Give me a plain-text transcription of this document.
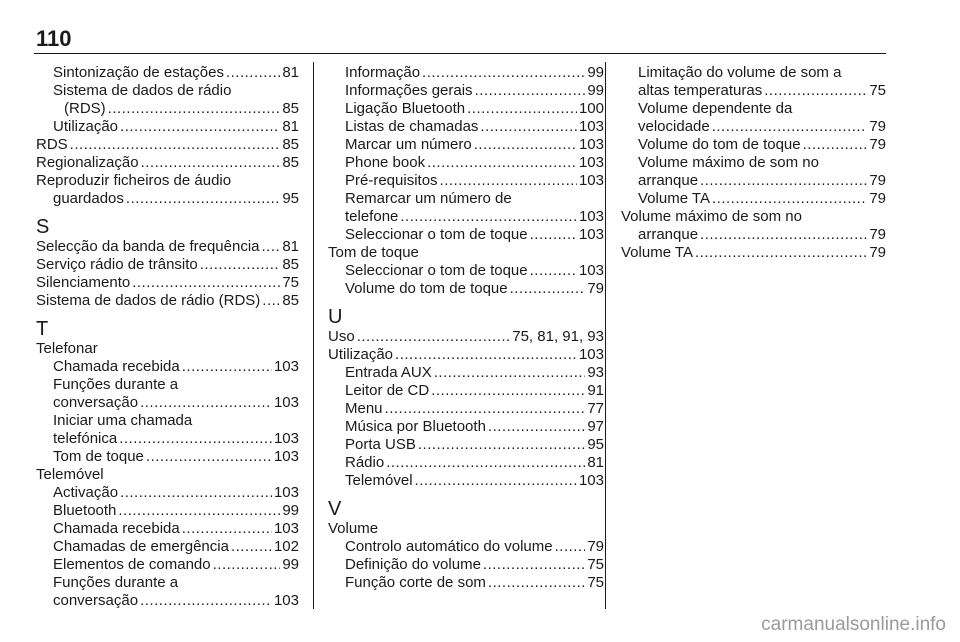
110
Sintonização de estações .....	81
Sistema de dados de rádio
(RDS) .....	85
Utilização .....	81
RDS .....	85
Regionalização .....	85
Reproduzir ficheiros de áudio
guardados .....	95
S
Selecção da banda de frequência ..... 81
Serviço rádio de trânsito .....	85
Silenciamento .....	75
Sistema de dados de rádio (RDS) ..... 85
T
Telefonar
Chamada recebida .....	103
Funções durante a
conversação .....	103
Iniciar uma chamada
telefónica .....	103
Tom de toque .....	103
Telemóvel
Activação .....	103
Bluetooth .....	99
Chamada recebida .....	103
Chamadas de emergência .....	102
Elementos de comando .....	99
Funções durante a
conversação .....	103
Informação .....	99
Informações gerais .....	99
Ligação Bluetooth .....	100
Listas de chamadas .....	103
Marcar um número .....	103
Phone book .....	103
Pré-requisitos .....	103
Remarcar um número de
telefone .....	103
Seleccionar o tom de toque .....	103
Tom de toque
Seleccionar o tom de toque .....	103
Volume do tom de toque .....	79
U
Uso .....	75, 81, 91, 93
Utilização .....	103
Entrada AUX .....	93
Leitor de CD .....	91
Menu .....	77
Música por Bluetooth .....	97
Porta USB .....	95
Rádio .....	81
Telemóvel .....	103
V
Volume
Controlo automático do volume ..... 79
Definição do volume .....	75
Função corte de som .....	75
Limitação do volume de som a
altas temperaturas .....	75
Volume dependente da
velocidade .....	79
Volume do tom de toque .....	79
Volume máximo de som no
arranque .....	79
Volume TA .....	79
Volume máximo de som no
arranque .....	79
Volume TA .....	79
carmanualsonline.info
